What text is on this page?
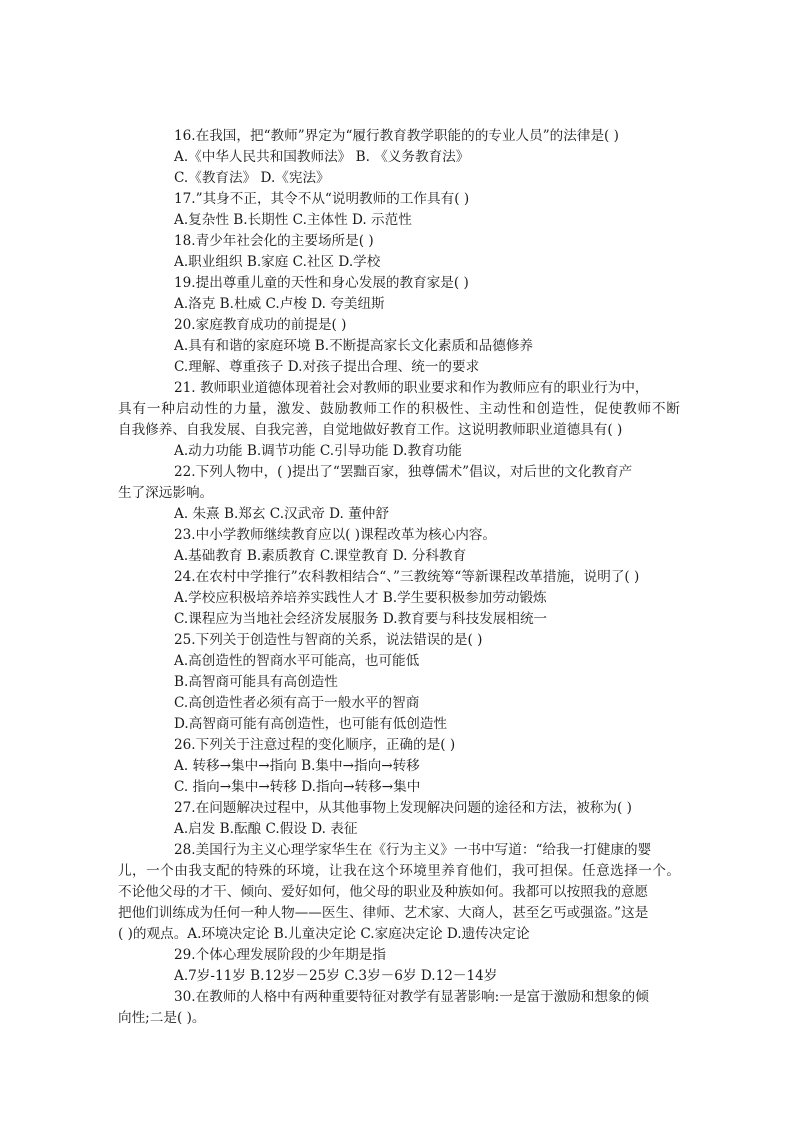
16.在我国，把“教师”界定为“履行教育教学职能的的专业人员”的法律是( )
A.《中华人民共和国教师法》 B. 《义务教育法》
C.《教育法》 D.《宪法》
17.”其身不正，其令不从“说明教师的工作具有( )
A.复杂性 B.长期性 C.主体性 D. 示范性
18.青少年社会化的主要场所是( )
A.职业组织 B.家庭 C.社区 D.学校
19.提出尊重儿童的天性和身心发展的教育家是( )
A.洛克 B.杜威 C.卢梭 D. 夸美纽斯
20.家庭教育成功的前提是( )
A.具有和谐的家庭环境 B.不断提高家长文化素质和品德修养
C.理解、尊重孩子 D.对孩子提出合理、统一的要求
21. 教师职业道德体现着社会对教师的职业要求和作为教师应有的职业行为中，
具有一种启动性的力量，激发、鼓励教师工作的积极性、主动性和创造性，促使教师不断
自我修养、自我发展、自我完善，自觉地做好教育工作。这说明教师职业道德具有( )
A.动力功能 B.调节功能 C.引导功能 D.教育功能
22.下列人物中，( )提出了“罢黜百家，独尊儒术”倡议，对后世的文化教育产
生了深远影响。
A. 朱熹 B.郑玄 C.汉武帝 D. 董仲舒
23.中小学教师继续教育应以( )课程改革为核心内容。
A.基础教育 B.素质教育 C.课堂教育 D. 分科教育
24.在农村中学推行”农科教相结合“、”三教统筹“等新课程改革措施，说明了( )
A.学校应积极培养培养实践性人才 B.学生要积极参加劳动锻炼
C.课程应为当地社会经济发展服务 D.教育要与科技发展相统一
25.下列关于创造性与智商的关系，说法错误的是( )
A.高创造性的智商水平可能高，也可能低
B.高智商可能具有高创造性
C.高创造性者必须有高于一般水平的智商
D.高智商可能有高创造性，也可能有低创造性
26.下列关于注意过程的变化顺序，正确的是( )
A. 转移→集中→指向 B.集中→指向→转移
C. 指向→集中→转移 D.指向→转移→集中
27.在问题解决过程中，从其他事物上发现解决问题的途径和方法，被称为( )
A.启发 B.酝酿 C.假设 D. 表征
28.美国行为主义心理学家华生在《行为主义》一书中写道：“给我一打健康的婴
儿，一个由我支配的特殊的环境，让我在这个环境里养育他们，我可担保。任意选择一个。
不论他父母的才干、倾向、爱好如何，他父母的职业及种族如何。我都可以按照我的意愿
把他们训练成为任何一种人物——医生、律师、艺术家、大商人，甚至乞丐或强盗。”这是
( )的观点。A.环境决定论 B.儿童决定论 C.家庭决定论 D.遗传决定论
29.个体心理发展阶段的少年期是指
A.7岁-11岁 B.12岁－25岁 C.3岁－6岁 D.12－14岁
30.在教师的人格中有两种重要特征对教学有显著影响:一是富于激励和想象的倾
向性;二是( )。
